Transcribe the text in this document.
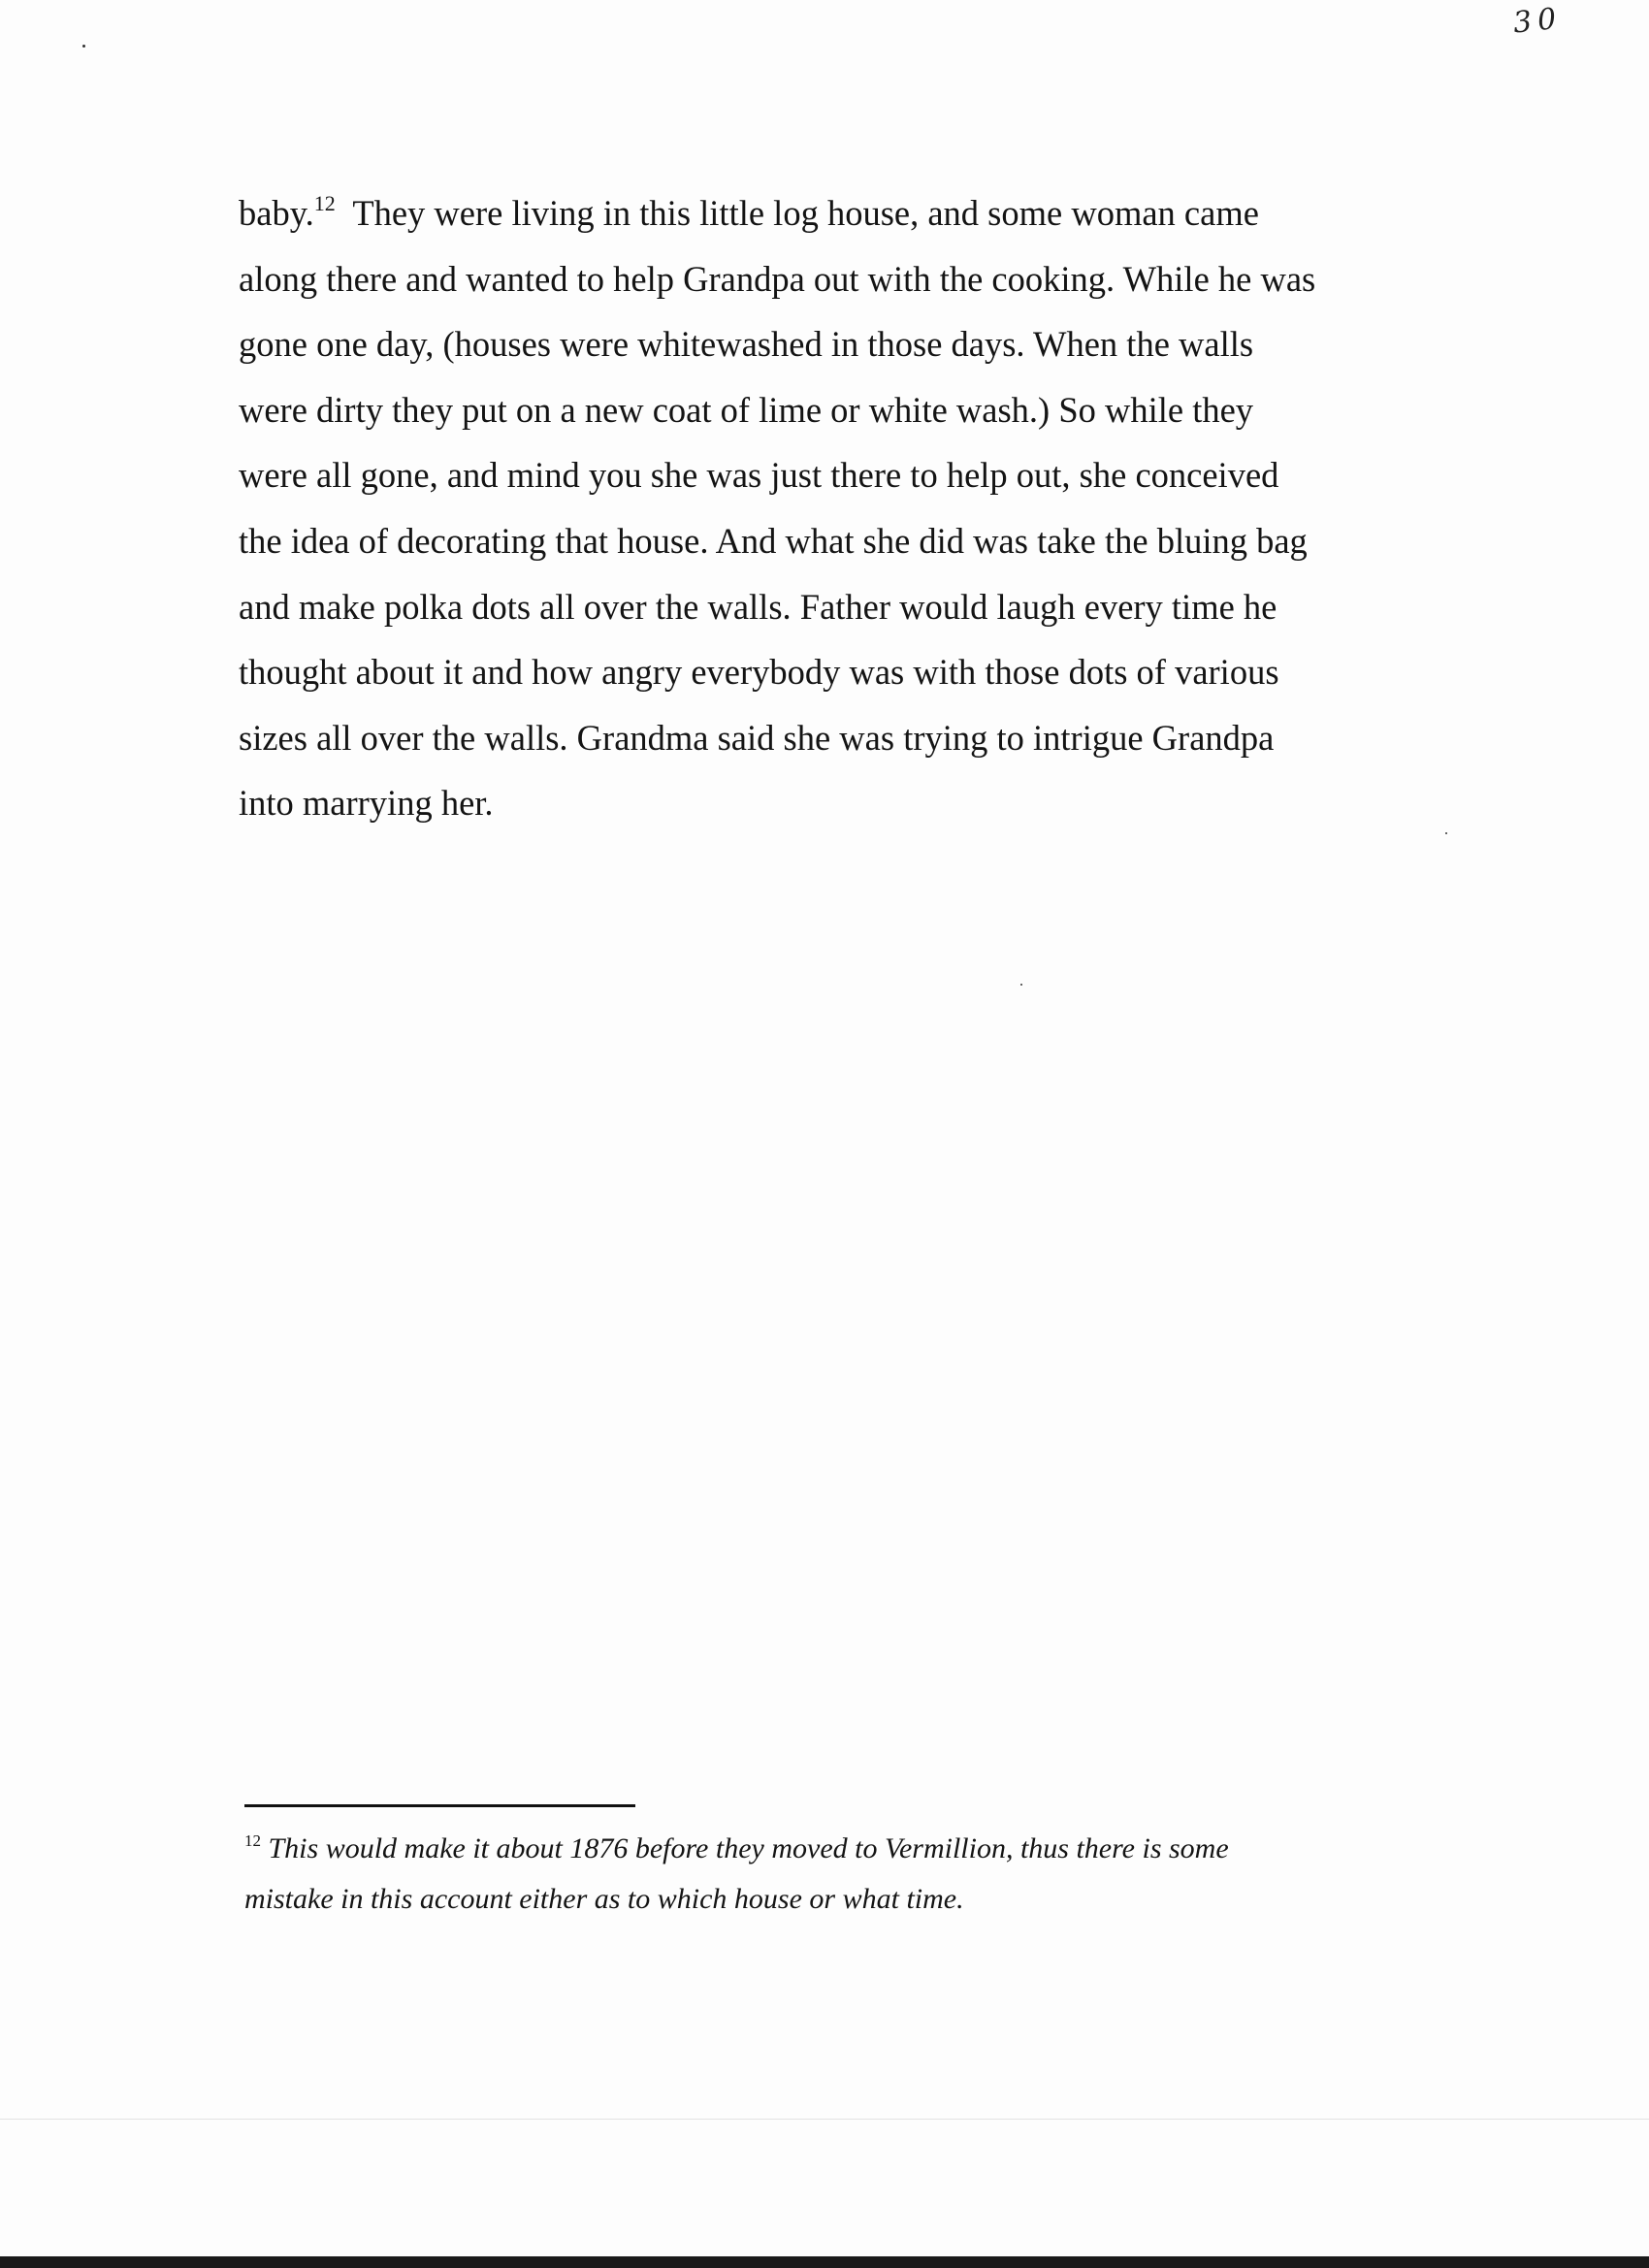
30
baby.$^{12}$ They were living in this little log house, and some woman came
along there and wanted to help Grandpa out with the cooking. While he was
gone one day, (houses were whitewashed in those days. When the walls
were dirty they put on a new coat of lime or white wash.) So while they
were all gone, and mind you she was just there to help out, she conceived
the idea of decorating that house. And what she did was take the bluing bag
and make polka dots all over the walls. Father would laugh every time he
thought about it and how angry everybody was with those dots of various
sizes all over the walls. Grandma said she was trying to intrigue Grandpa
into marrying her.
$^{12}$ This would make it about 1876 before they moved to Vermillion, thus there is some
mistake in this account either as to which house or what time.
